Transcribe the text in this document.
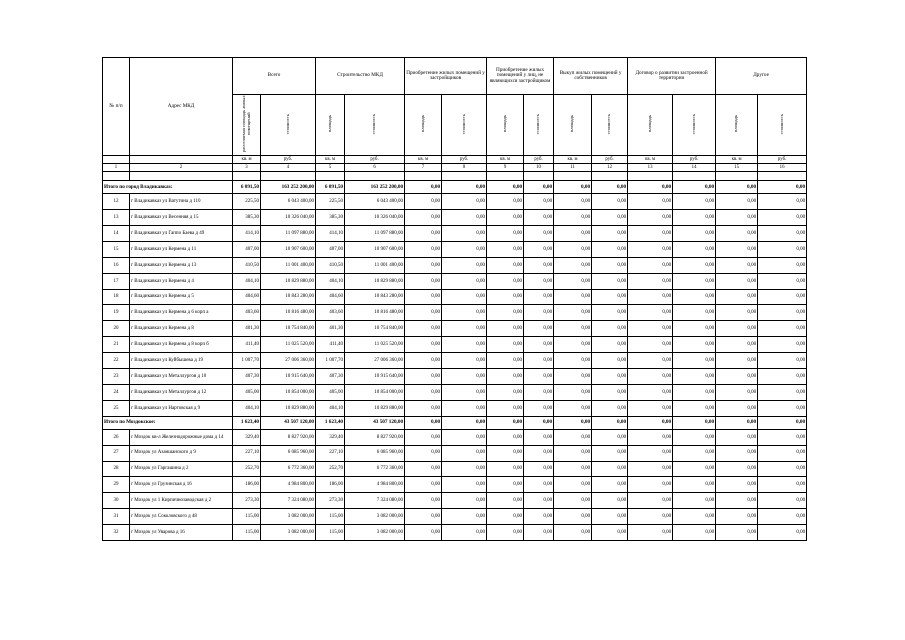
№ п/п	Адрес МКД	Всего		Строительство МКД		Приобретение жилых помещений у застройщиков		Приобретение жилых помещений у лиц, не являющихся застройщиком		Выкуп жилых помещений у собственников		Договор о развитии застроенной территории		Другое	
		расселяемая площадь жилых помещений	стоимость	площадь	стоимость	площадь	стоимость	площадь	стоимость	площадь	стоимость	площадь	стоимость	площадь	стоимость
		кв. м	руб.	кв. м	руб.	кв. м	руб.	кв. м	руб.	кв. м	руб.	кв. м	руб.	кв. м	руб.
1	2	3	4	5	6	7	8	9	10	11	12	13	14	15	16

Итого по город Владикавказ:		6 091,50	163 252 200,00	6 091,50	163 252 200,00	0,00	0,00	0,00	0,00	0,00	0,00	0,00	0,00	0,00	0,00
12	г Владикавказ ул Ватутина д 110	225,50	6 043 400,00	225,50	6 043 400,00	0,00	0,00	0,00	0,00	0,00	0,00	0,00	0,00	0,00	0,00
13	г Владикавказ ул Весенняя д 15	385,30	10 326 040,00	385,30	10 326 040,00	0,00	0,00	0,00	0,00	0,00	0,00	0,00	0,00	0,00	0,00
14	г Владикавказ ул Гаппо Баева д 49	414,10	11 097 880,00	414,10	11 097 880,00	0,00	0,00	0,00	0,00	0,00	0,00	0,00	0,00	0,00	0,00
15	г Владикавказ ул Кермена д 11	407,00	10 907 600,00	407,00	10 907 600,00	0,00	0,00	0,00	0,00	0,00	0,00	0,00	0,00	0,00	0,00
16	г Владикавказ ул Кермена д 13	410,50	11 001 400,00	410,50	11 001 400,00	0,00	0,00	0,00	0,00	0,00	0,00	0,00	0,00	0,00	0,00
17	г Владикавказ ул Кермена д 4	404,10	10 829 880,00	404,10	10 829 880,00	0,00	0,00	0,00	0,00	0,00	0,00	0,00	0,00	0,00	0,00
18	г Владикавказ ул Кермена д 5	404,60	10 843 280,00	404,60	10 843 280,00	0,00	0,00	0,00	0,00	0,00	0,00	0,00	0,00	0,00	0,00
19	г Владикавказ ул Кермена д 6 корп а	403,60	10 816 480,00	403,60	10 816 480,00	0,00	0,00	0,00	0,00	0,00	0,00	0,00	0,00	0,00	0,00
20	г Владикавказ ул Кермена д 8	401,30	10 754 840,00	401,30	10 754 840,00	0,00	0,00	0,00	0,00	0,00	0,00	0,00	0,00	0,00	0,00
21	г Владикавказ ул Кермена д 8 корп б	411,40	11 025 520,00	411,40	11 025 520,00	0,00	0,00	0,00	0,00	0,00	0,00	0,00	0,00	0,00	0,00
22	г Владикавказ ул Куйбышева д 19	1 007,70	27 006 360,00	1 007,70	27 006 360,00	0,00	0,00	0,00	0,00	0,00	0,00	0,00	0,00	0,00	0,00
23	г Владикавказ ул Металлургов д 10	407,30	10 915 640,00	407,30	10 915 640,00	0,00	0,00	0,00	0,00	0,00	0,00	0,00	0,00	0,00	0,00
24	г Владикавказ ул Металлургов д 12	405,00	10 854 000,00	405,00	10 854 000,00	0,00	0,00	0,00	0,00	0,00	0,00	0,00	0,00	0,00	0,00
25	г Владикавказ ул Нартовская д 9	404,10	10 829 880,00	404,10	10 829 880,00	0,00	0,00	0,00	0,00	0,00	0,00	0,00	0,00	0,00	0,00
Итого по Моздокское:		1 623,40	43 507 120,00	1 623,40	43 507 120,00	0,00	0,00	0,00	0,00	0,00	0,00	0,00	0,00	0,00	0,00
26	г Моздок кв-л Железнодорожные дома д 14	329,40	8 827 920,00	329,40	8 827 920,00	0,00	0,00	0,00	0,00	0,00	0,00	0,00	0,00	0,00	0,00
27	г Моздок ул Азаншанского д 9	227,10	6 085 960,00	227,10	6 085 960,00	0,00	0,00	0,00	0,00	0,00	0,00	0,00	0,00	0,00	0,00
28	г Моздок ул Гаргашина д 2	252,70	6 772 360,00	252,70	6 772 360,00	0,00	0,00	0,00	0,00	0,00	0,00	0,00	0,00	0,00	0,00
29	г Моздок ул Грузинская д 16	186,00	4 984 800,00	186,00	4 984 800,00	0,00	0,00	0,00	0,00	0,00	0,00	0,00	0,00	0,00	0,00
30	г Моздок ул 1 Кирпичнозаводская д 2	273,30	7 324 080,00	273,30	7 324 080,00	0,00	0,00	0,00	0,00	0,00	0,00	0,00	0,00	0,00	0,00
31	г Моздок ул Соколовского д 48	115,00	3 082 000,00	115,00	3 082 000,00	0,00	0,00	0,00	0,00	0,00	0,00	0,00	0,00	0,00	0,00
32	г Моздок ул Уварова д 16	115,00	3 082 000,00	115,00	3 082 000,00	0,00	0,00	0,00	0,00	0,00	0,00	0,00	0,00	0,00	0,00
